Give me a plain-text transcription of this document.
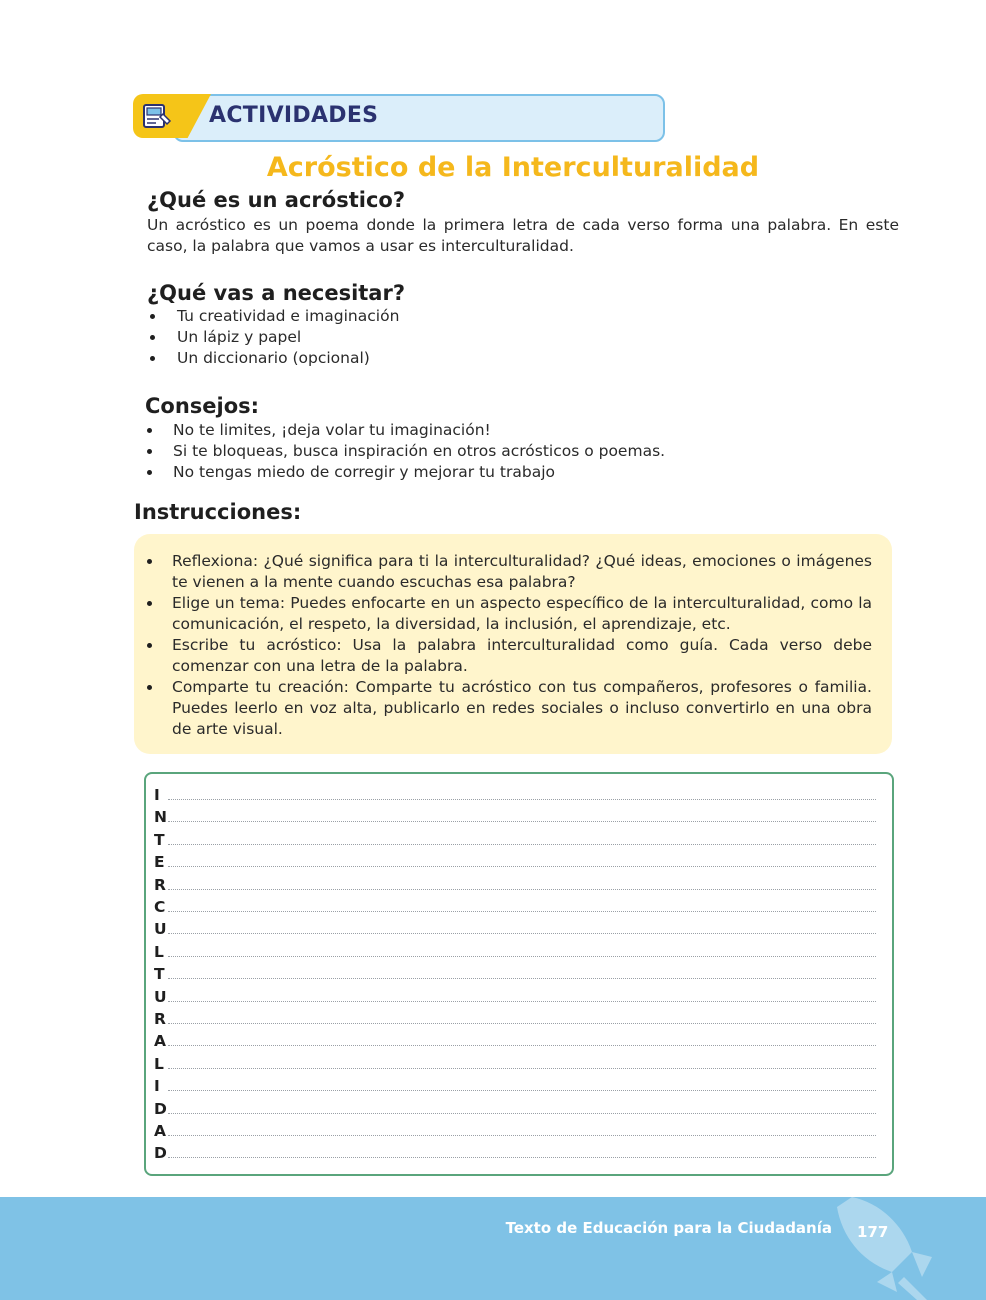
ACTIVIDADES
Acróstico de la Interculturalidad
¿Qué es un acróstico?

Un acróstico es un poema donde la primera letra de cada verso forma una palabra. En este caso, la palabra que vamos a usar es interculturalidad.

¿Qué vas a necesitar?
Tu creatividad e imaginación
Un lápiz y papel
Un diccionario (opcional)
Consejos:
No te limites, ¡deja volar tu imaginación!
Si te bloqueas, busca inspiración en otros acrósticos o poemas.
No tengas miedo de corregir y mejorar tu trabajo
Instrucciones:
Reflexiona: ¿Qué significa para ti la interculturalidad? ¿Qué ideas, emociones o imágenes te vienen a la mente cuando escuchas esa palabra?
Elige un tema: Puedes enfocarte en un aspecto específico de la interculturalidad, como la comunicación, el respeto, la diversidad, la inclusión, el aprendizaje, etc.
Escribe tu acróstico: Usa la palabra interculturalidad como guía. Cada verso debe comenzar con una letra de la palabra.
Comparte tu creación: Comparte tu acróstico con tus compañeros, profesores o familia. Puedes leerlo en voz alta, publicarlo en redes sociales o incluso convertirlo en una obra de arte visual.
I
N
T
E
R
C
U
L
T
U
R
A
L
I
D
A
D
Texto de Educación para la Ciudadanía 177
